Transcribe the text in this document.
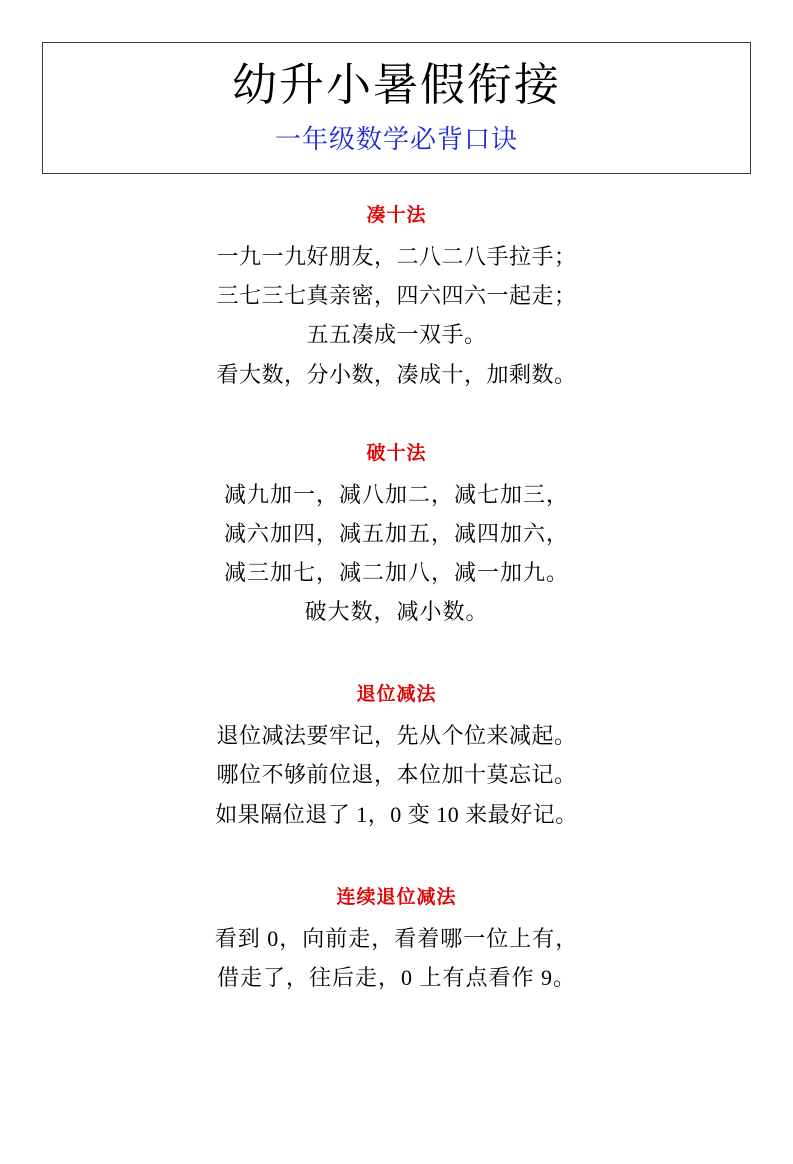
幼升小暑假衔接
一年级数学必背口诀
凑十法
一九一九好朋友，二八二八手拉手；
三七三七真亲密，四六四六一起走；
五五凑成一双手。
看大数，分小数，凑成十，加剩数。
破十法
减九加一，减八加二，减七加三，
减六加四，减五加五，减四加六，
减三加七，减二加八，减一加九。
破大数，减小数。
退位减法
退位减法要牢记，先从个位来减起。
哪位不够前位退，本位加十莫忘记。
如果隔位退了 1，0 变 10 来最好记。
连续退位减法
看到 0，向前走，看着哪一位上有，
借走了，往后走，0 上有点看作 9。
